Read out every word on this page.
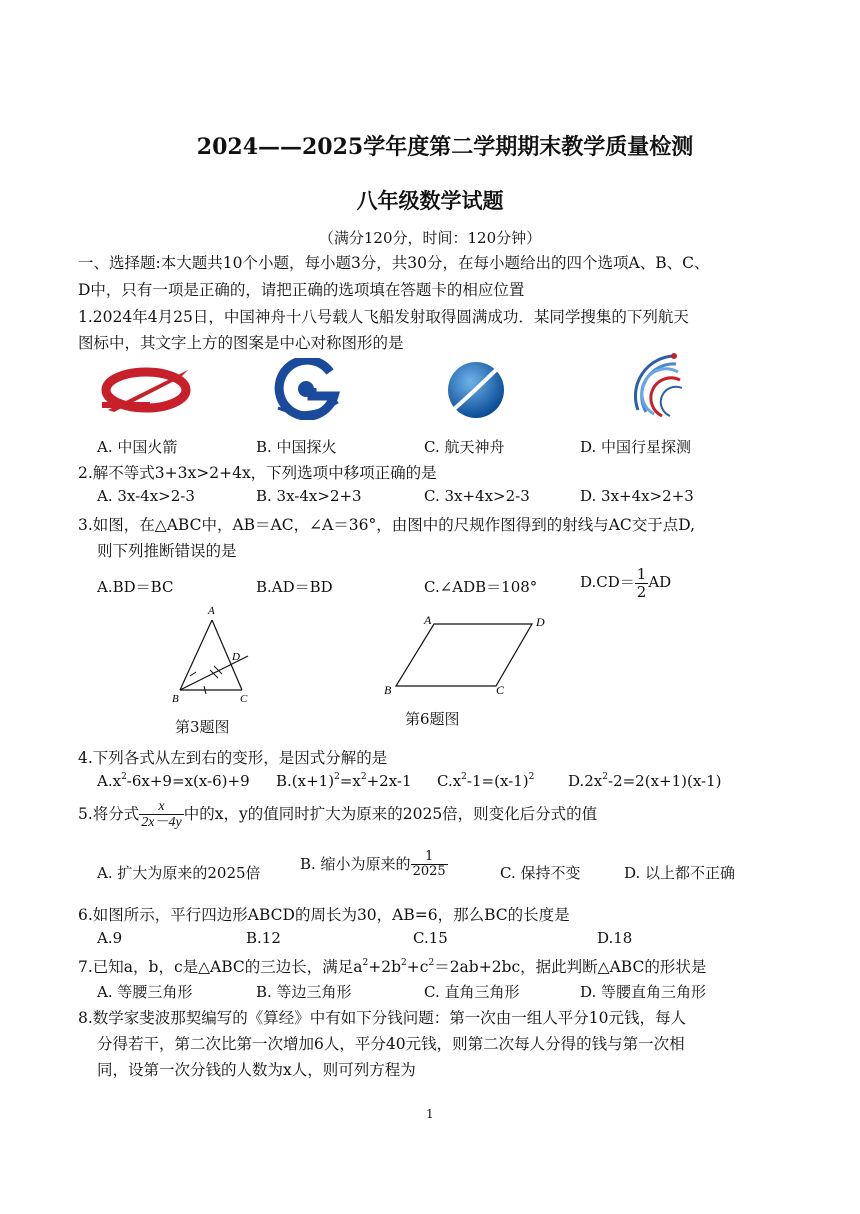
2024——2025学年度第二学期期末教学质量检测
八年级数学试题
（满分120分，时间：120分钟）
一、选择题:本大题共10个小题，每小题3分，共30分，在每小题给出的四个选项A、B、C、
D中，只有一项是正确的，请把正确的选项填在答题卡的相应位置
1.2024年4月25日，中国神舟十八号载人飞船发射取得圆满成功．某同学搜集的下列航天
图标中，其文字上方的图案是中心对称图形的是
A. 中国火箭	B. 中国探火	C. 航天神舟	D. 中国行星探测
2.解不等式3+3x>2+4x，下列选项中移项正确的是
A. 3x-4x>2-3	B. 3x-4x>2+3	C. 3x+4x>2-3	D. 3x+4x>2+3
3.如图，在△ABC中，AB＝AC，∠A＝36°，由图中的尺规作图得到的射线与AC交于点D,
则下列推断错误的是
A.BD＝BC	B.AD＝BD	C.∠ADB＝108°	$D.CD= \frac{1}{2}$ AD
A
D
B	C
第3题图
A	D
B	C
第6题图
4.下列各式从左到右的变形，是因式分解的是
$A.x^2-6x+9=x(x-6)+9$ $B.(x+1)^2=x^2+2x-1$ $C.x^2-1=(x-1)^2$ $D.2x^2-2=2(x+1)(x-1)$
5.将分式 $\frac{x}{2x-4y}$ 中的x，y的值同时扩大为原来的2025倍，则变化后分式的值
A. 扩大为原来的2025倍
B. 缩小为原来的 $\frac{1}{2025}$	C. 保持不变	D. 以上都不正确
6.如图所示，平行四边形ABCD的周长为30，AB=6，那么BC的长度是
A.9	B.12	C.15	D.18
7.已知a，b，c是△ABC的三边长，满足$a^2+2b^2+c^2=2ab+2bc$，据此判断△ABC的形状是
A. 等腰三角形	B. 等边三角形	C. 直角三角形	D. 等腰直角三角形
8.数学家斐波那契编写的《算经》中有如下分钱问题：第一次由一组人平分10元钱，每人
分得若干，第二次比第一次增加6人，平分40元钱，则第二次每人分得的钱与第一次相
同，设第一次分钱的人数为x人，则可列方程为
1
